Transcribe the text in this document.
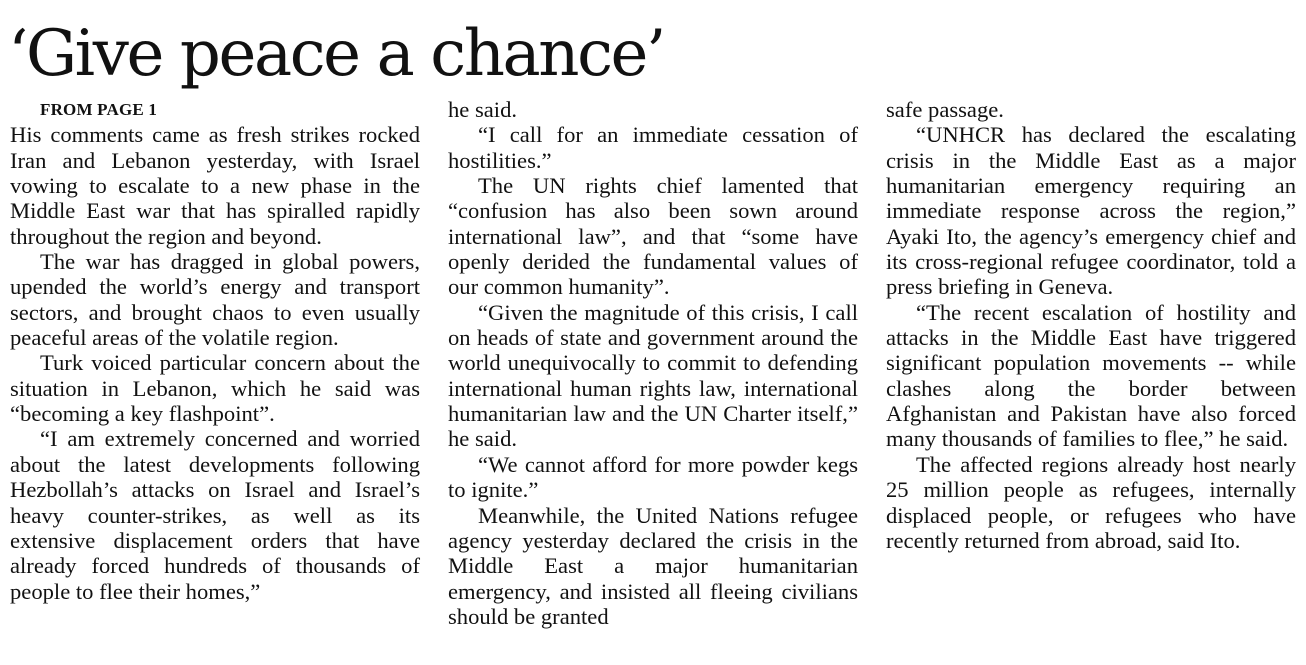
‘Give peace a chance’

FROM PAGE 1

His comments came as fresh strikes rocked Iran and Lebanon yesterday, with Israel vowing to escalate to a new phase in the Middle East war that has spiralled rapidly throughout the region and beyond.

The war has dragged in global powers, upended the world’s energy and transport sectors, and brought chaos to even usually peaceful areas of the volatile region.

Turk voiced particular concern about the situation in Lebanon, which he said was “becoming a key flashpoint”.

“I am extremely concerned and worried about the latest developments following Hezbollah’s attacks on Israel and Israel’s heavy counter-strikes, as well as its extensive displacement orders that have already forced hundreds of thousands of people to flee their homes,”

he said.

“I call for an immediate cessation of hostilities.”

The UN rights chief lamented that “confusion has also been sown around international law”, and that “some have openly derided the fundamental values of our common humanity”.

“Given the magnitude of this crisis, I call on heads of state and government around the world unequivocally to commit to defending international human rights law, international humanitarian law and the UN Charter itself,” he said.

“We cannot afford for more powder kegs to ignite.”

Meanwhile, the United Nations refugee agency yesterday declared the crisis in the Middle East a major humanitarian emergency, and insisted all fleeing civilians should be granted

safe passage.

“UNHCR has declared the escalating crisis in the Middle East as a major humanitarian emergency requiring an immediate response across the region,” Ayaki Ito, the agency’s emergency chief and its cross-regional refugee coordinator, told a press briefing in Geneva.

“The recent escalation of hostility and attacks in the Middle East have triggered significant population movements -- while clashes along the border between Afghanistan and Pakistan have also forced many thousands of families to flee,” he said.

The affected regions already host nearly 25 million people as refugees, internally displaced people, or refugees who have recently returned from abroad, said Ito.
